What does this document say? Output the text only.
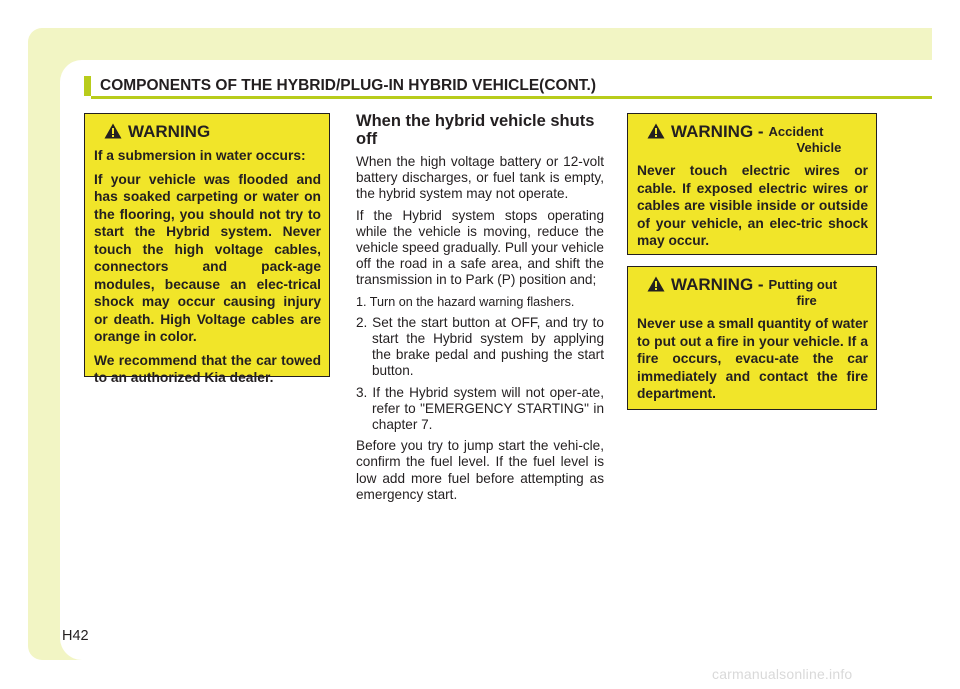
COMPONENTS OF THE HYBRID/PLUG-IN HYBRID VEHICLE(CONT.)
WARNING

If a submersion in water occurs:

If your vehicle was flooded and has soaked carpeting or water on the flooring, you should not try to start the Hybrid system. Never touch the high voltage cables, connectors and pack-age modules, because an elec-trical shock may occur causing injury or death. High Voltage cables are orange in color.

We recommend that the car towed to an authorized Kia dealer.

When the hybrid vehicle shuts off

When the high voltage battery or 12-volt battery discharges, or fuel tank is empty, the hybrid system may not operate.

If the Hybrid system stops operating while the vehicle is moving, reduce the vehicle speed gradually. Pull your vehicle off the road in a safe area, and shift the transmission in to Park (P) position and;

1. Turn on the hazard warning flashers.

2. Set the start button at OFF, and try to start the Hybrid system by applying the brake pedal and pushing the start button.

3. If the Hybrid system will not oper-ate, refer to "EMERGENCY STARTING" in chapter 7.

Before you try to jump start the vehi-cle, confirm the fuel level. If the fuel level is low add more fuel before attempting as emergency start.

WARNING - Accident
Vehicle

Never touch electric wires or cable. If exposed electric wires or cables are visible inside or outside of your vehicle, an elec-tric shock may occur.

WARNING - Putting out
fire

Never use a small quantity of water to put out a fire in your vehicle. If a fire occurs, evacu-ate the car immediately and contact the fire department.

H42
carmanualsonline.info
